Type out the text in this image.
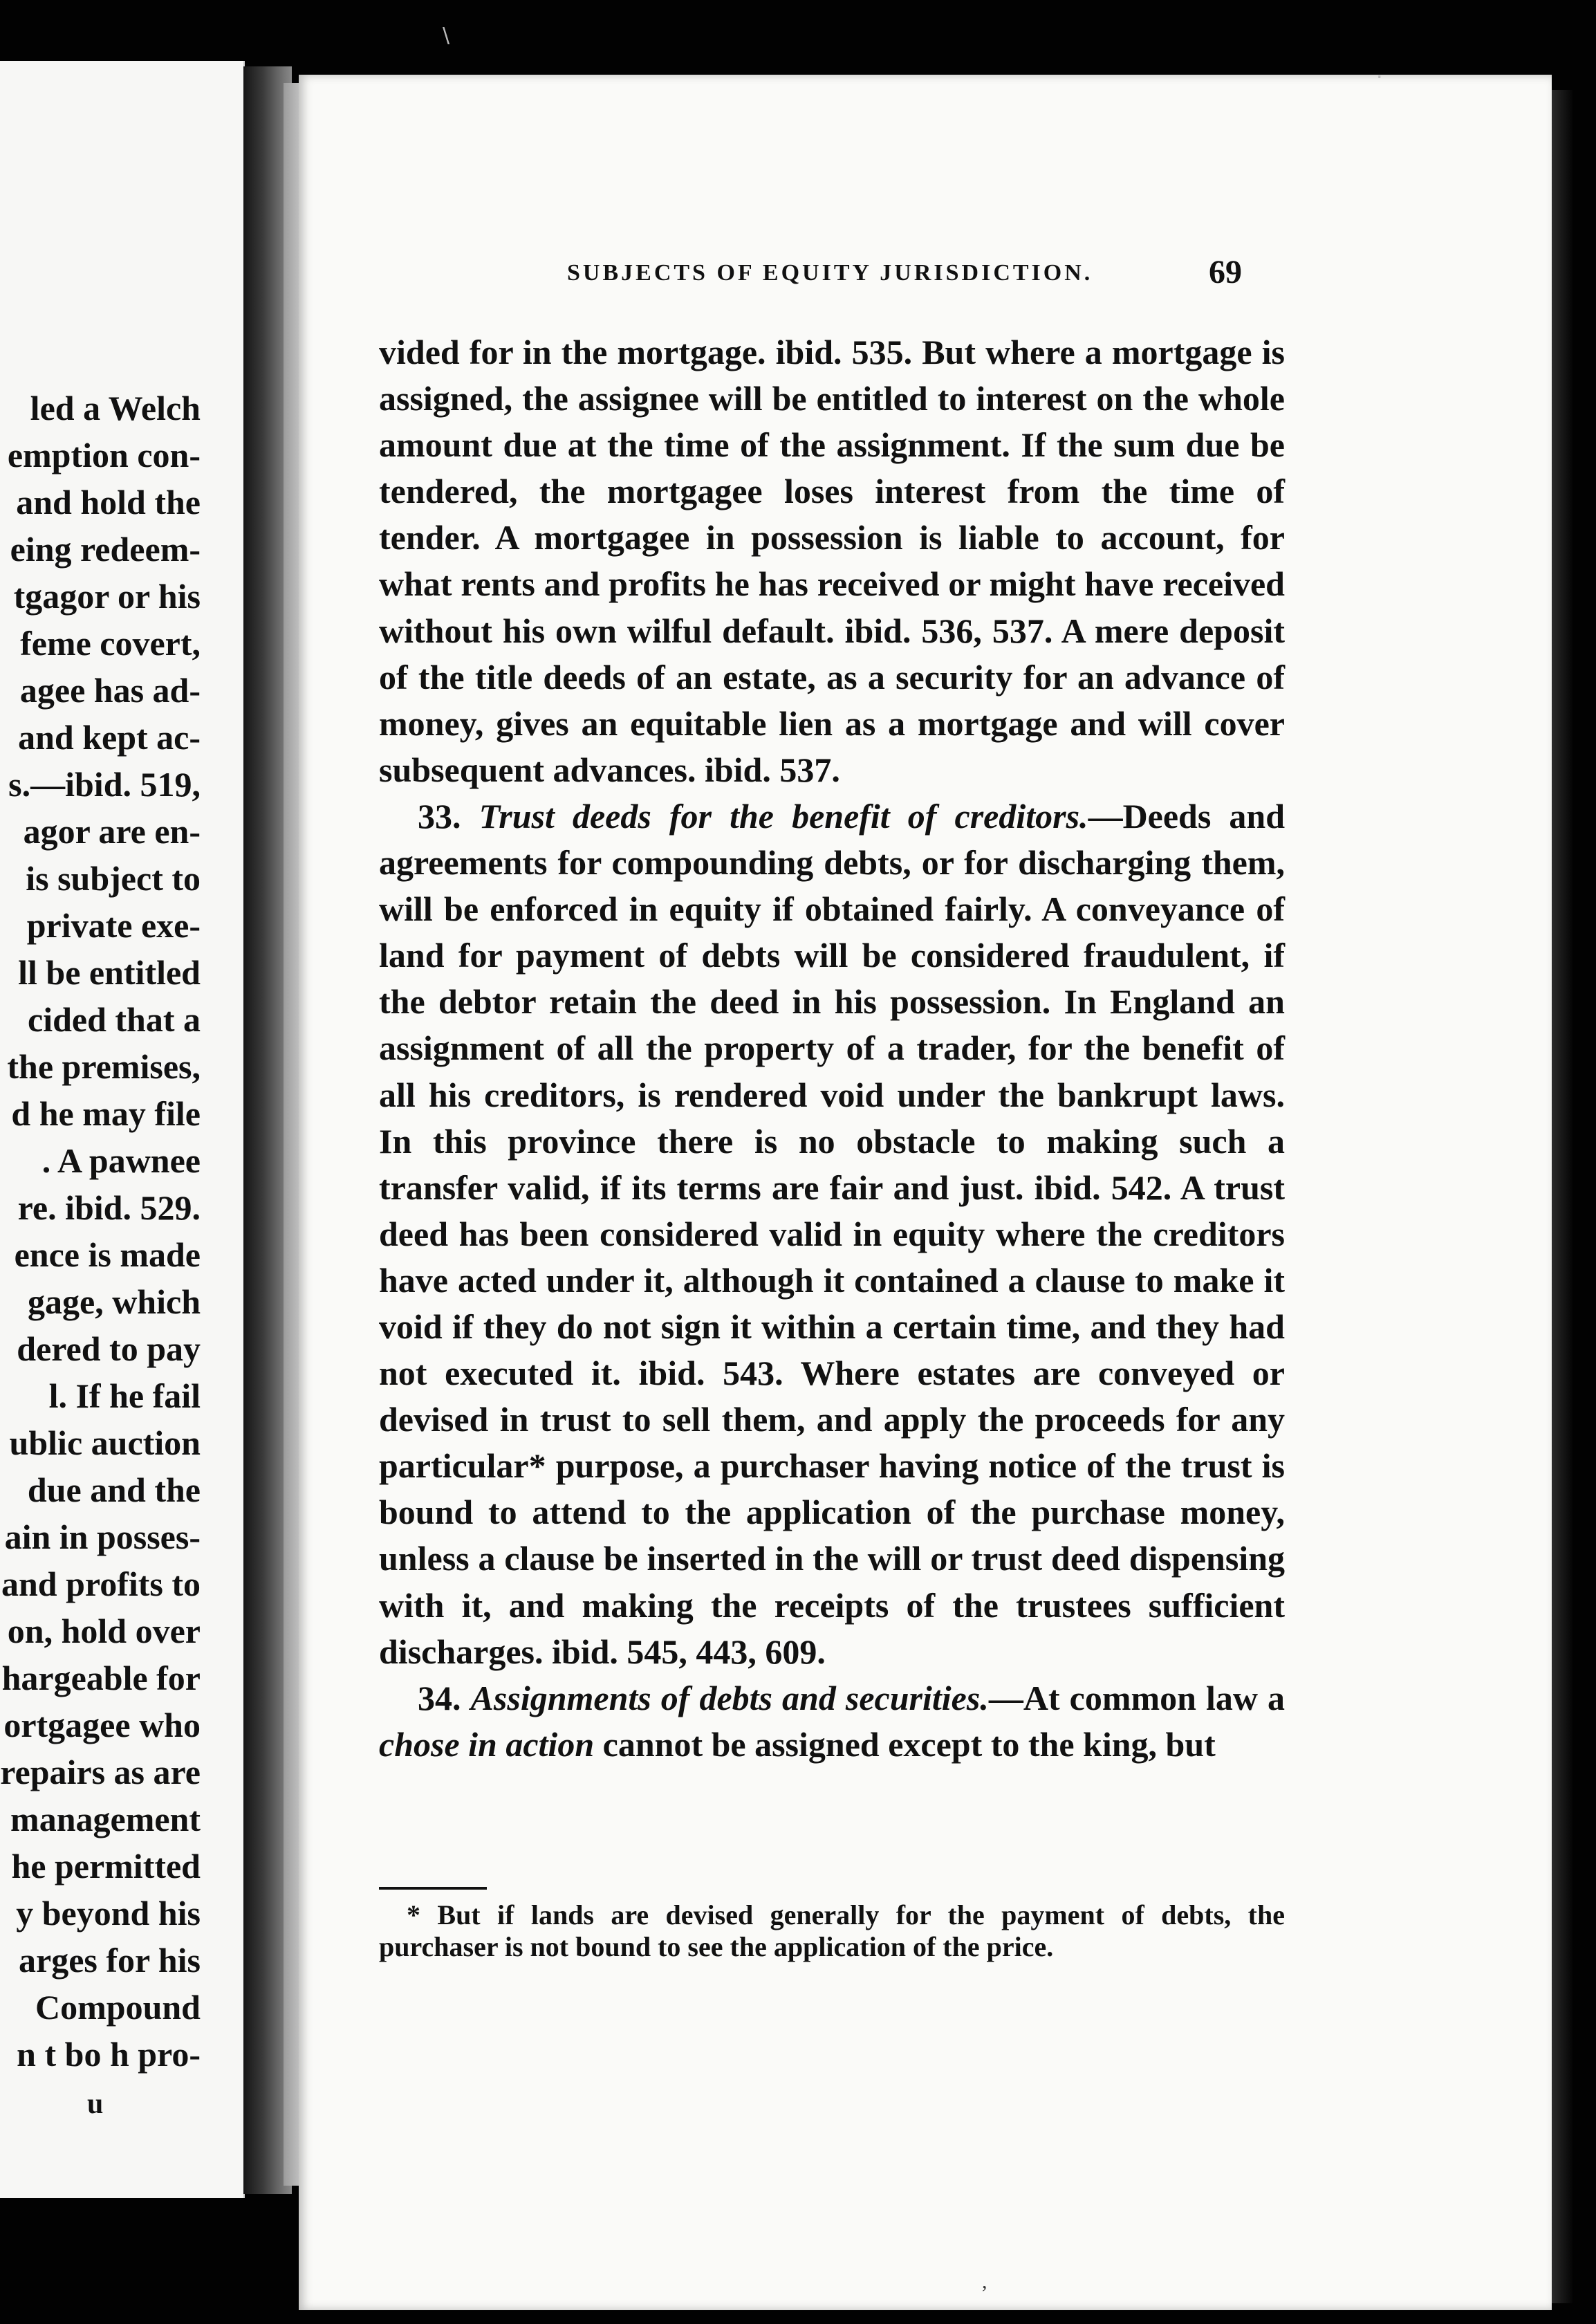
led a Welch
emption con-
and hold the
eing redeem-
tgagor or his
feme covert,
agee has ad-
and kept ac-
s.—ibid. 519,
agor are en-
is subject to
private exe-
ll be entitled
cided that a
the premises,
d he may file
. A pawnee
re. ibid. 529.
ence is made
gage, which
dered to pay
l. If he fail
ublic auction
due and the
ain in posses-
and profits to
on, hold over
hargeable for
ortgagee who
repairs as are
management
he permitted
y beyond his
arges for his
Compound
n t bo h pro-
u
SUBJECTS OF EQUITY JURISDICTION.	69

vided for in the mortgage. ibid. 535. But where a mortgage is assigned, the assignee will be entitled to interest on the whole amount due at the time of the assignment. If the sum due be tendered, the mortgagee loses interest from the time of tender. A mortgagee in possession is liable to account, for what rents and profits he has received or might have received without his own wilful default. ibid. 536, 537. A mere deposit of the title deeds of an estate, as a security for an advance of money, gives an equitable lien as a mortgage and will cover subsequent advances. ibid. 537.

33. Trust deeds for the benefit of creditors.—Deeds and agreements for compounding debts, or for discharging them, will be enforced in equity if obtained fairly. A conveyance of land for payment of debts will be considered fraudulent, if the debtor retain the deed in his possession. In England an assignment of all the property of a trader, for the benefit of all his creditors, is rendered void under the bankrupt laws. In this province there is no obstacle to making such a transfer valid, if its terms are fair and just. ibid. 542. A trust deed has been considered valid in equity where the creditors have acted under it, although it contained a clause to make it void if they do not sign it within a certain time, and they had not executed it. ibid. 543. Where estates are conveyed or devised in trust to sell them, and apply the proceeds for any particular* purpose, a purchaser having notice of the trust is bound to attend to the application of the purchase money, unless a clause be inserted in the will or trust deed dispensing with it, and making the receipts of the trustees sufficient discharges. ibid. 545, 443, 609.

34. Assignments of debts and securities.—At common law a chose in action cannot be assigned except to the king, but

* But if lands are devised generally for the payment of debts, the purchaser is not bound to see the application of the price.
\
.
,
